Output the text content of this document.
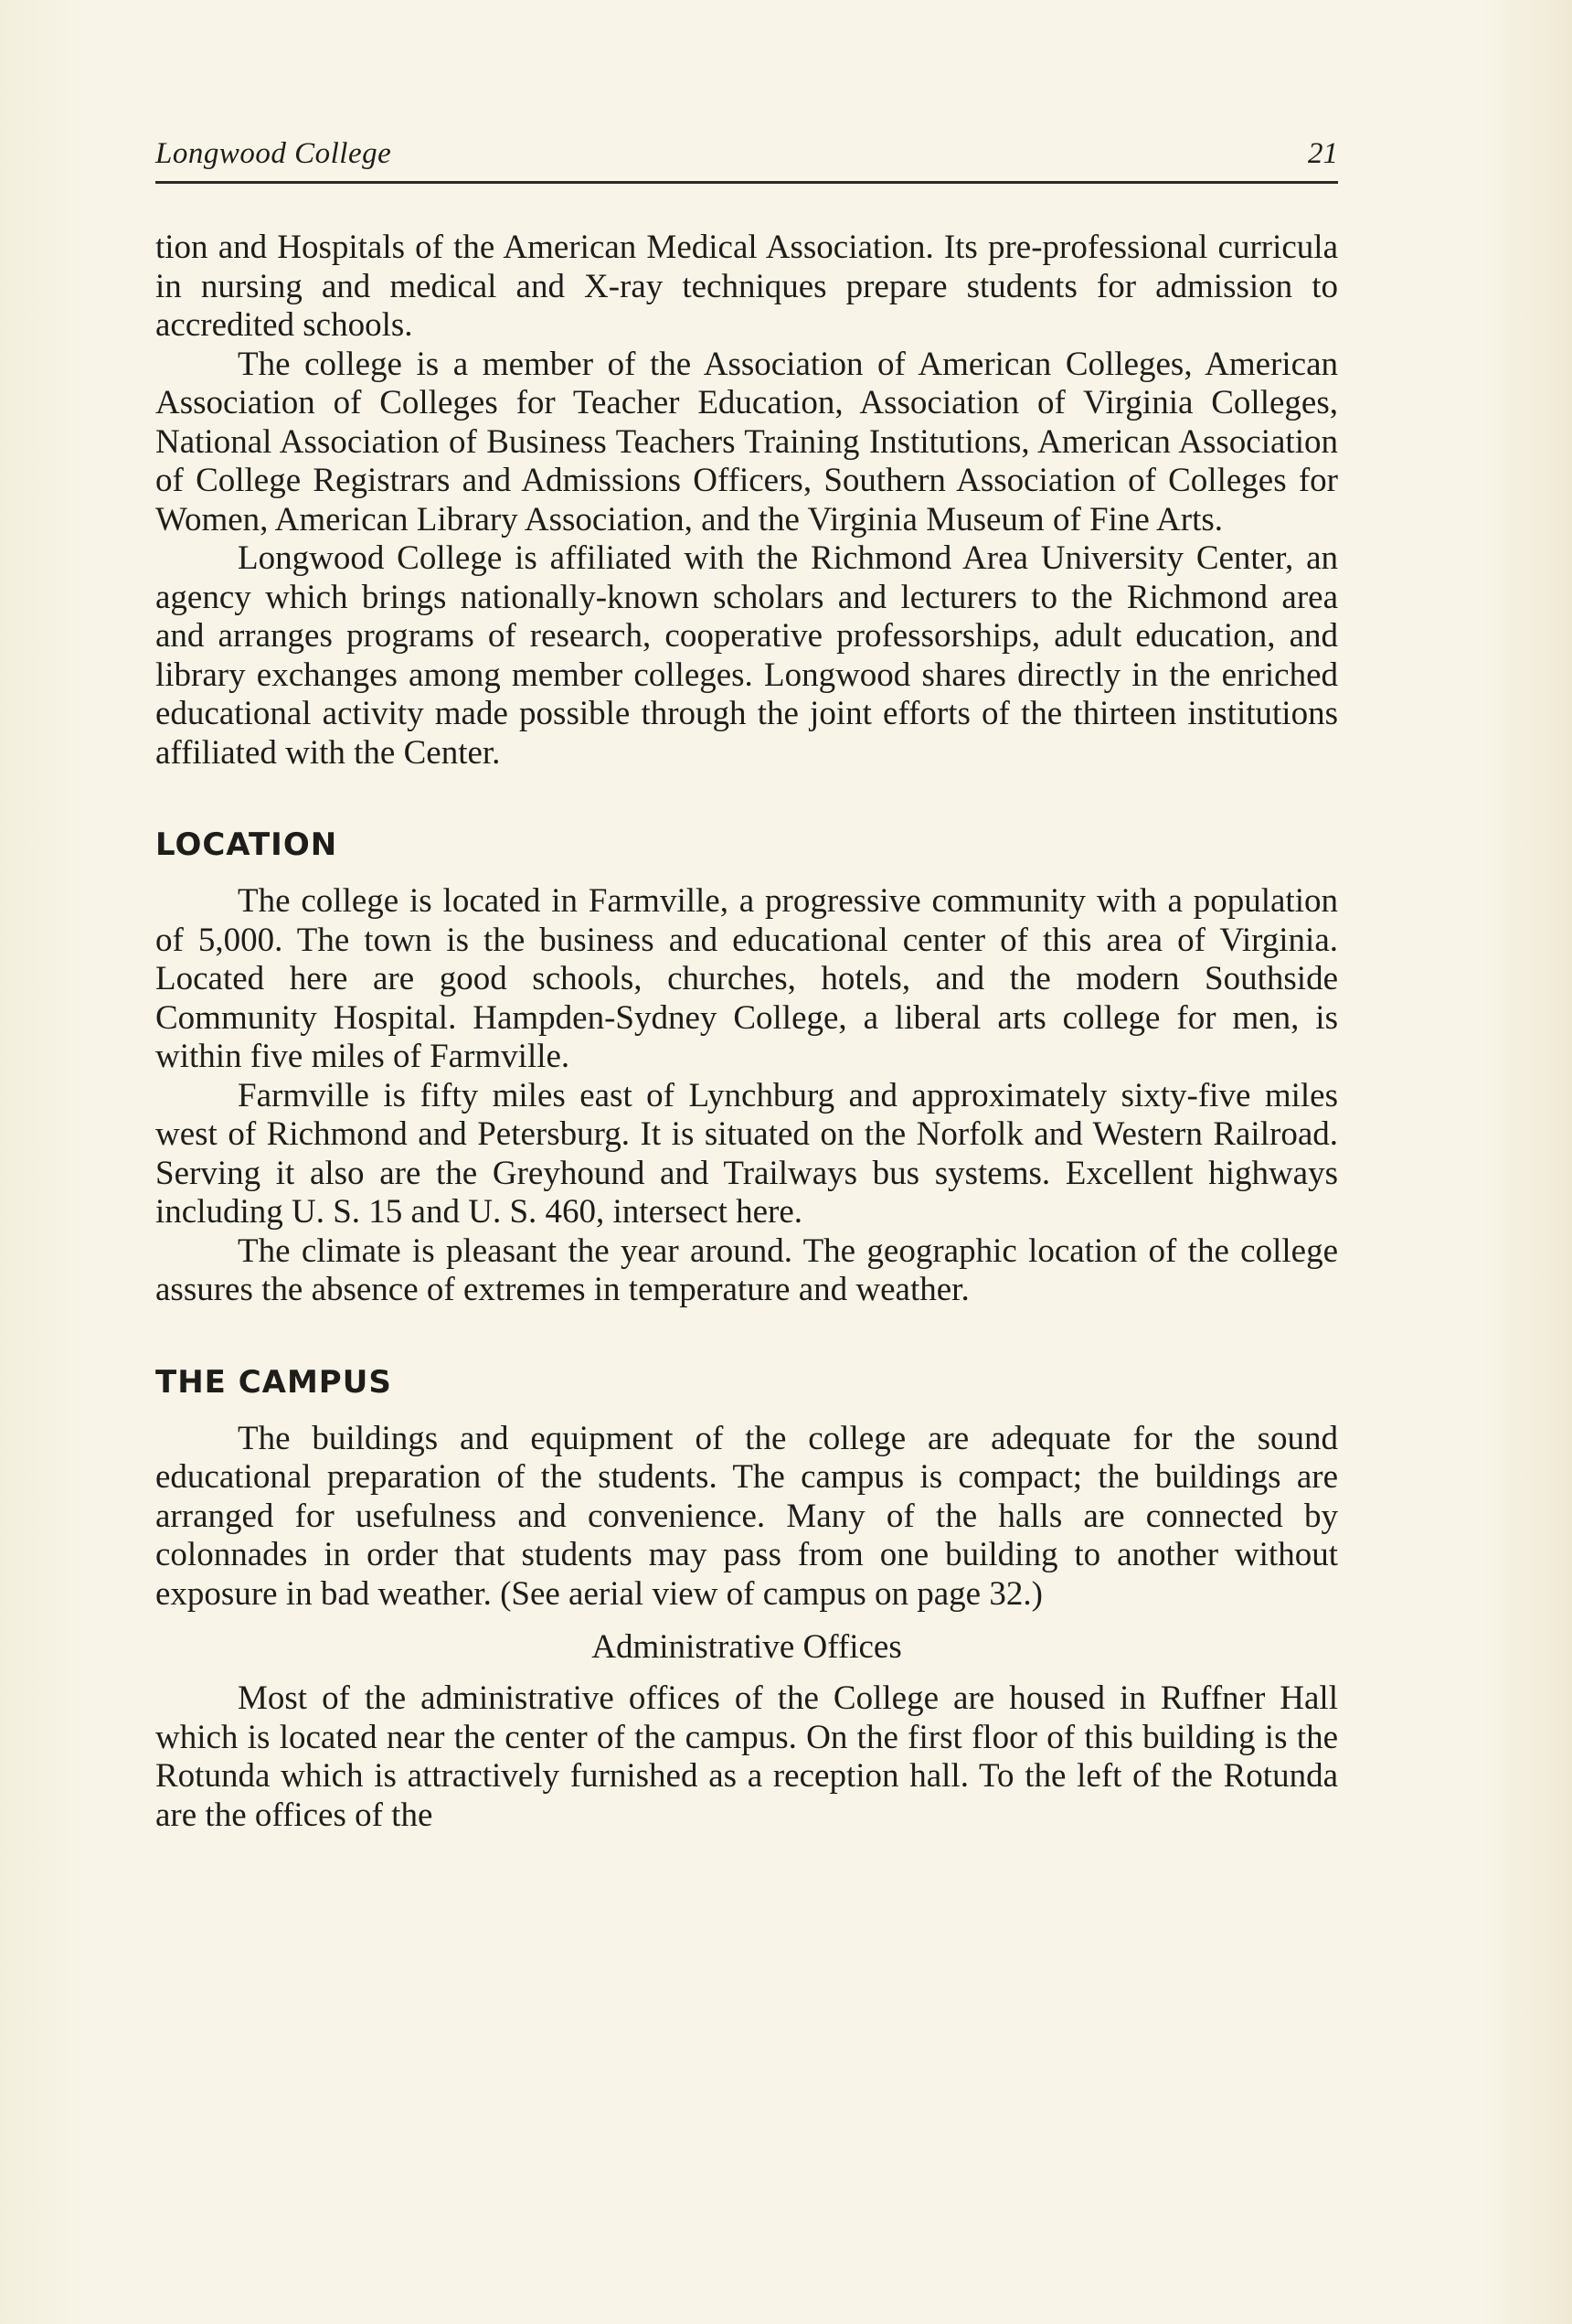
Longwood College	21

tion and Hospitals of the American Medical Association. Its pre-professional curricula in nursing and medical and X-ray techniques prepare students for admission to accredited schools.

The college is a member of the Association of American Colleges, American Association of Colleges for Teacher Education, Association of Virginia Colleges, National Association of Business Teachers Training Institutions, American Association of College Registrars and Admissions Officers, Southern Association of Colleges for Women, American Library Association, and the Virginia Museum of Fine Arts.

Longwood College is affiliated with the Richmond Area University Center, an agency which brings nationally-known scholars and lecturers to the Richmond area and arranges programs of research, cooperative professorships, adult education, and library exchanges among member colleges. Longwood shares directly in the enriched educational activity made possible through the joint efforts of the thirteen institutions affiliated with the Center.

LOCATION

The college is located in Farmville, a progressive community with a population of 5,000. The town is the business and educational center of this area of Virginia. Located here are good schools, churches, hotels, and the modern Southside Community Hospital. Hampden-Sydney College, a liberal arts college for men, is within five miles of Farmville.

Farmville is fifty miles east of Lynchburg and approximately sixty-five miles west of Richmond and Petersburg. It is situated on the Norfolk and Western Railroad. Serving it also are the Greyhound and Trailways bus systems. Excellent highways including U. S. 15 and U. S. 460, intersect here.

The climate is pleasant the year around. The geographic location of the college assures the absence of extremes in temperature and weather.

THE CAMPUS

The buildings and equipment of the college are adequate for the sound educational preparation of the students. The campus is compact; the buildings are arranged for usefulness and convenience. Many of the halls are connected by colonnades in order that students may pass from one building to another without exposure in bad weather. (See aerial view of campus on page 32.)

Administrative Offices

Most of the administrative offices of the College are housed in Ruffner Hall which is located near the center of the campus. On the first floor of this building is the Rotunda which is attractively furnished as a reception hall. To the left of the Rotunda are the offices of the
